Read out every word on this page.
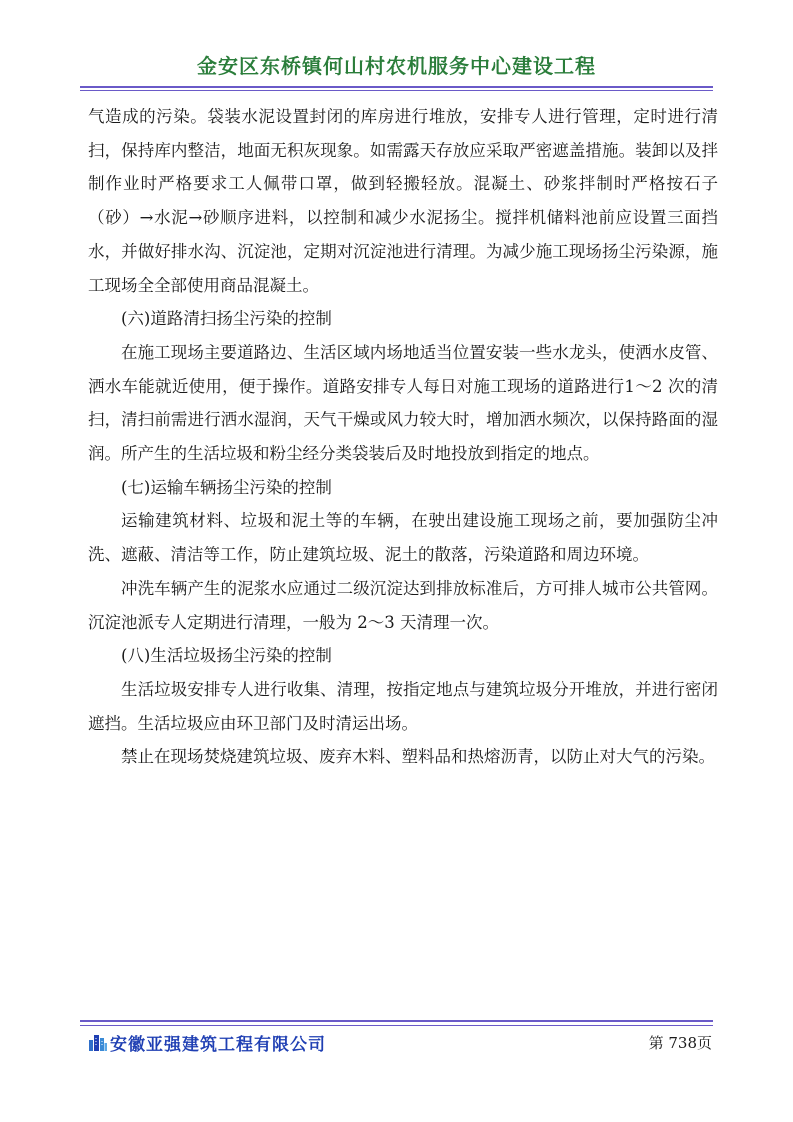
金安区东桥镇何山村农机服务中心建设工程

气造成的污染。袋装水泥设置封闭的库房进行堆放，安排专人进行管理，定时进行清扫，保持库内整洁，地面无积灰现象。如需露天存放应采取严密遮盖措施。装卸以及拌制作业时严格要求工人佩带口罩，做到轻搬轻放。混凝土、砂浆拌制时严格按石子（砂）→水泥→砂顺序进料，以控制和减少水泥扬尘。搅拌机储料池前应设置三面挡水，并做好排水沟、沉淀池，定期对沉淀池进行清理。为减少施工现场扬尘污染源，施工现场全全部使用商品混凝土。

(六)道路清扫扬尘污染的控制

在施工现场主要道路边、生活区域内场地适当位置安装一些水龙头，使洒水皮管、洒水车能就近使用，便于操作。道路安排专人每日对施工现场的道路进行1～2 次的清扫，清扫前需进行洒水湿润，天气干燥或风力较大时，增加洒水频次，以保持路面的湿润。所产生的生活垃圾和粉尘经分类袋装后及时地投放到指定的地点。

(七)运输车辆扬尘污染的控制

运输建筑材料、垃圾和泥土等的车辆，在驶出建设施工现场之前，要加强防尘冲洗、遮蔽、清洁等工作，防止建筑垃圾、泥土的散落，污染道路和周边环境。

冲洗车辆产生的泥浆水应通过二级沉淀达到排放标准后，方可排人城市公共管网。沉淀池派专人定期进行清理，一般为 2～3 天清理一次。

(八)生活垃圾扬尘污染的控制

生活垃圾安排专人进行收集、清理，按指定地点与建筑垃圾分开堆放，并进行密闭遮挡。生活垃圾应由环卫部门及时清运出场。

禁止在现场焚烧建筑垃圾、废弃木料、塑料品和热熔沥青，以防止对大气的污染。

安徽亚强建筑工程有限公司	第 738页
